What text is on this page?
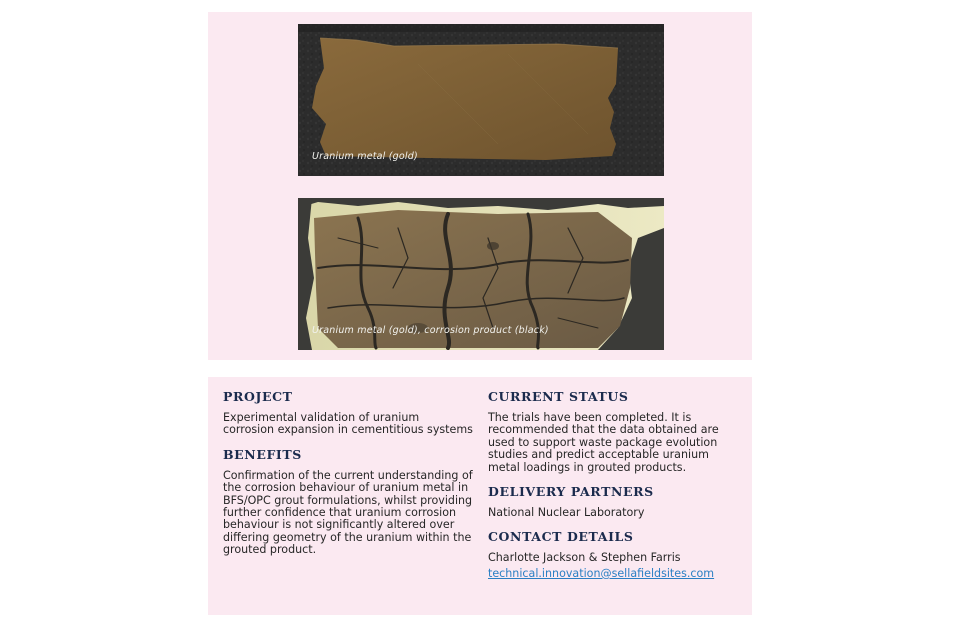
Uranium metal (gold)
Uranium metal (gold), corrosion product (black)
PROJECT

Experimental validation of uranium corrosion expansion in cementitious systems

BENEFITS

Confirmation of the current understanding of the corrosion behaviour of uranium metal in BFS/OPC grout formulations, whilst providing further confidence that uranium corrosion behaviour is not significantly altered over differing geometry of the uranium within the grouted product.

CURRENT STATUS

The trials have been completed. It is recommended that the data obtained are used to support waste package evolution studies and predict acceptable uranium metal loadings in grouted products.

DELIVERY PARTNERS

National Nuclear Laboratory

CONTACT DETAILS

Charlotte Jackson & Stephen Farris

technical.innovation@sellafieldsites.com
